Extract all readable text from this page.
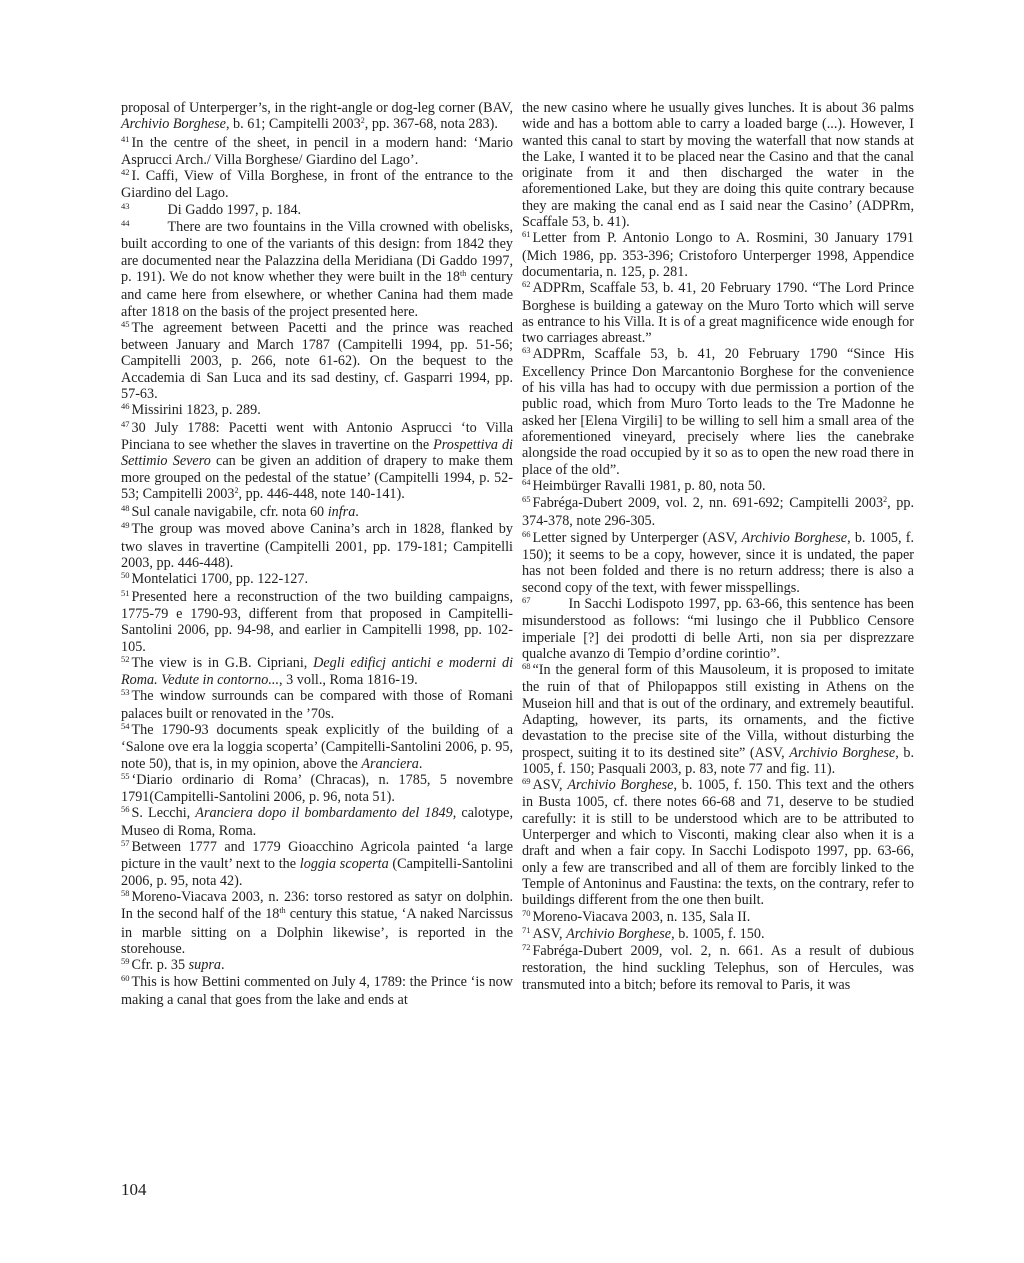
proposal of Unterperger’s, in the right-angle or dog-leg corner (BAV, Archivio Borghese, b. 61; Campitelli 2003$^2$, pp. 367-68, nota 283).

$^{41}$ In the centre of the sheet, in pencil in a modern hand: ‘Mario Asprucci Arch./ Villa Borghese/ Giardino del Lago’.

$^{42}$ I. Caffi, View of Villa Borghese, in front of the entrance to the Giardino del Lago.

$^{43}$	Di Gaddo 1997, p. 184.

$^{44}$	There are two fountains in the Villa crowned with obelisks, built according to one of the variants of this design: from 1842 they are documented near the Palazzina della Meridiana (Di Gaddo 1997, p. 191). We do not know whether they were built in the 18th century and came here from elsewhere, or whether Canina had them made after 1818 on the basis of the project presented here.

$^{45}$ The agreement between Pacetti and the prince was reached between January and March 1787 (Campitelli 1994, pp. 51-56; Campitelli 2003, p. 266, note 61-62). On the bequest to the Accademia di San Luca and its sad destiny, cf. Gasparri 1994, pp. 57-63.

$^{46}$ Missirini 1823, p. 289.

$^{47}$ 30 July 1788: Pacetti went with Antonio Asprucci ‘to Villa Pinciana to see whether the slaves in travertine on the Prospettiva di Settimio Severo can be given an addition of drapery to make them more grouped on the pedestal of the statue’ (Campitelli 1994, p. 52-53; Campitelli 2003$^2$, pp. 446-448, note 140-141).

$^{48}$ Sul canale navigabile, cfr. nota 60 infra.

$^{49}$ The group was moved above Canina’s arch in 1828, flanked by two slaves in travertine (Campitelli 2001, pp. 179-181; Campitelli 2003, pp. 446-448).

$^{50}$ Montelatici 1700, pp. 122-127.

$^{51}$ Presented here a reconstruction of the two building campaigns, 1775-79 e 1790-93, different from that proposed in Campitelli-Santolini 2006, pp. 94-98, and earlier in Campitelli 1998, pp. 102-105.

$^{52}$ The view is in G.B. Cipriani, Degli edificj antichi e moderni di Roma. Vedute in contorno..., 3 voll., Roma 1816-19.

$^{53}$ The window surrounds can be compared with those of Romani palaces built or renovated in the ’70s.

$^{54}$ The 1790-93 documents speak explicitly of the building of a ‘Salone ove era la loggia scoperta’ (Campitelli-Santolini 2006, p. 95, note 50), that is, in my opinion, above the Aranciera.

$^{55}$ ‘Diario ordinario di Roma’ (Chracas), n. 1785, 5 novembre 1791(Campitelli-Santolini 2006, p. 96, nota 51).

$^{56}$ S. Lecchi, Aranciera dopo il bombardamento del 1849, calotype, Museo di Roma, Roma.

$^{57}$ Between 1777 and 1779 Gioacchino Agricola painted ‘a large picture in the vault’ next to the loggia scoperta (Campitelli-Santolini 2006, p. 95, nota 42).

$^{58}$ Moreno-Viacava 2003, n. 236: torso restored as satyr on dolphin. In the second half of the 18th century this statue, ‘A naked Narcissus in marble sitting on a Dolphin likewise’, is reported in the storehouse.

$^{59}$ Cfr. p. 35 supra.

$^{60}$ This is how Bettini commented on July 4, 1789: the Prince ‘is now making a canal that goes from the lake and ends at

the new casino where he usually gives lunches. It is about 36 palms wide and has a bottom able to carry a loaded barge (...). However, I wanted this canal to start by moving the waterfall that now stands at the Lake, I wanted it to be placed near the Casino and that the canal originate from it and then discharged the water in the aforementioned Lake, but they are doing this quite contrary because they are making the canal end as I said near the Casino’ (ADPRm, Scaffale 53, b. 41).

$^{61}$ Letter from P. Antonio Longo to A. Rosmini, 30 January 1791 (Mich 1986, pp. 353-396; Cristoforo Unterperger 1998, Appendice documentaria, n. 125, p. 281.

$^{62}$ ADPRm, Scaffale 53, b. 41, 20 February 1790. “The Lord Prince Borghese is building a gateway on the Muro Torto which will serve as entrance to his Villa. It is of a great magnificence wide enough for two carriages abreast.”

$^{63}$ ADPRm, Scaffale 53, b. 41, 20 February 1790 “Since His Excellency Prince Don Marcantonio Borghese for the convenience of his villa has had to occupy with due permission a portion of the public road, which from Muro Torto leads to the Tre Madonne he asked her [Elena Virgili] to be willing to sell him a small area of the aforementioned vineyard, precisely where lies the canebrake alongside the road occupied by it so as to open the new road there in place of the old”.

$^{64}$ Heimbürger Ravalli 1981, p. 80, nota 50.

$^{65}$ Fabréga-Dubert 2009, vol. 2, nn. 691-692; Campitelli 2003$^2$, pp. 374-378, note 296-305.

$^{66}$ Letter signed by Unterperger (ASV, Archivio Borghese, b. 1005, f. 150); it seems to be a copy, however, since it is undated, the paper has not been folded and there is no return address; there is also a second copy of the text, with fewer misspellings.

$^{67}$	In Sacchi Lodispoto 1997, pp. 63-66, this sentence has been misunderstood as follows: “mi lusingo che il Pubblico Censore imperiale [?] dei prodotti di belle Arti, non sia per disprezzare qualche avanzo di Tempio d’ordine corintio”.

$^{68}$ “In the general form of this Mausoleum, it is proposed to imitate the ruin of that of Philopappos still existing in Athens on the Museion hill and that is out of the ordinary, and extremely beautiful. Adapting, however, its parts, its ornaments, and the fictive devastation to the precise site of the Villa, without disturbing the prospect, suiting it to its destined site” (ASV, Archivio Borghese, b. 1005, f. 150; Pasquali 2003, p. 83, note 77 and fig. 11).

$^{69}$ ASV, Archivio Borghese, b. 1005, f. 150. This text and the others in Busta 1005, cf. there notes 66-68 and 71, deserve to be studied carefully: it is still to be understood which are to be attributed to Unterperger and which to Visconti, making clear also when it is a draft and when a fair copy. In Sacchi Lodispoto 1997, pp. 63-66, only a few are transcribed and all of them are forcibly linked to the Temple of Antoninus and Faustina: the texts, on the contrary, refer to buildings different from the one then built.

$^{70}$ Moreno-Viacava 2003, n. 135, Sala II.

$^{71}$ ASV, Archivio Borghese, b. 1005, f. 150.

$^{72}$ Fabréga-Dubert 2009, vol. 2, n. 661. As a result of dubious restoration, the hind suckling Telephus, son of Hercules, was transmuted into a bitch; before its removal to Paris, it was

104
